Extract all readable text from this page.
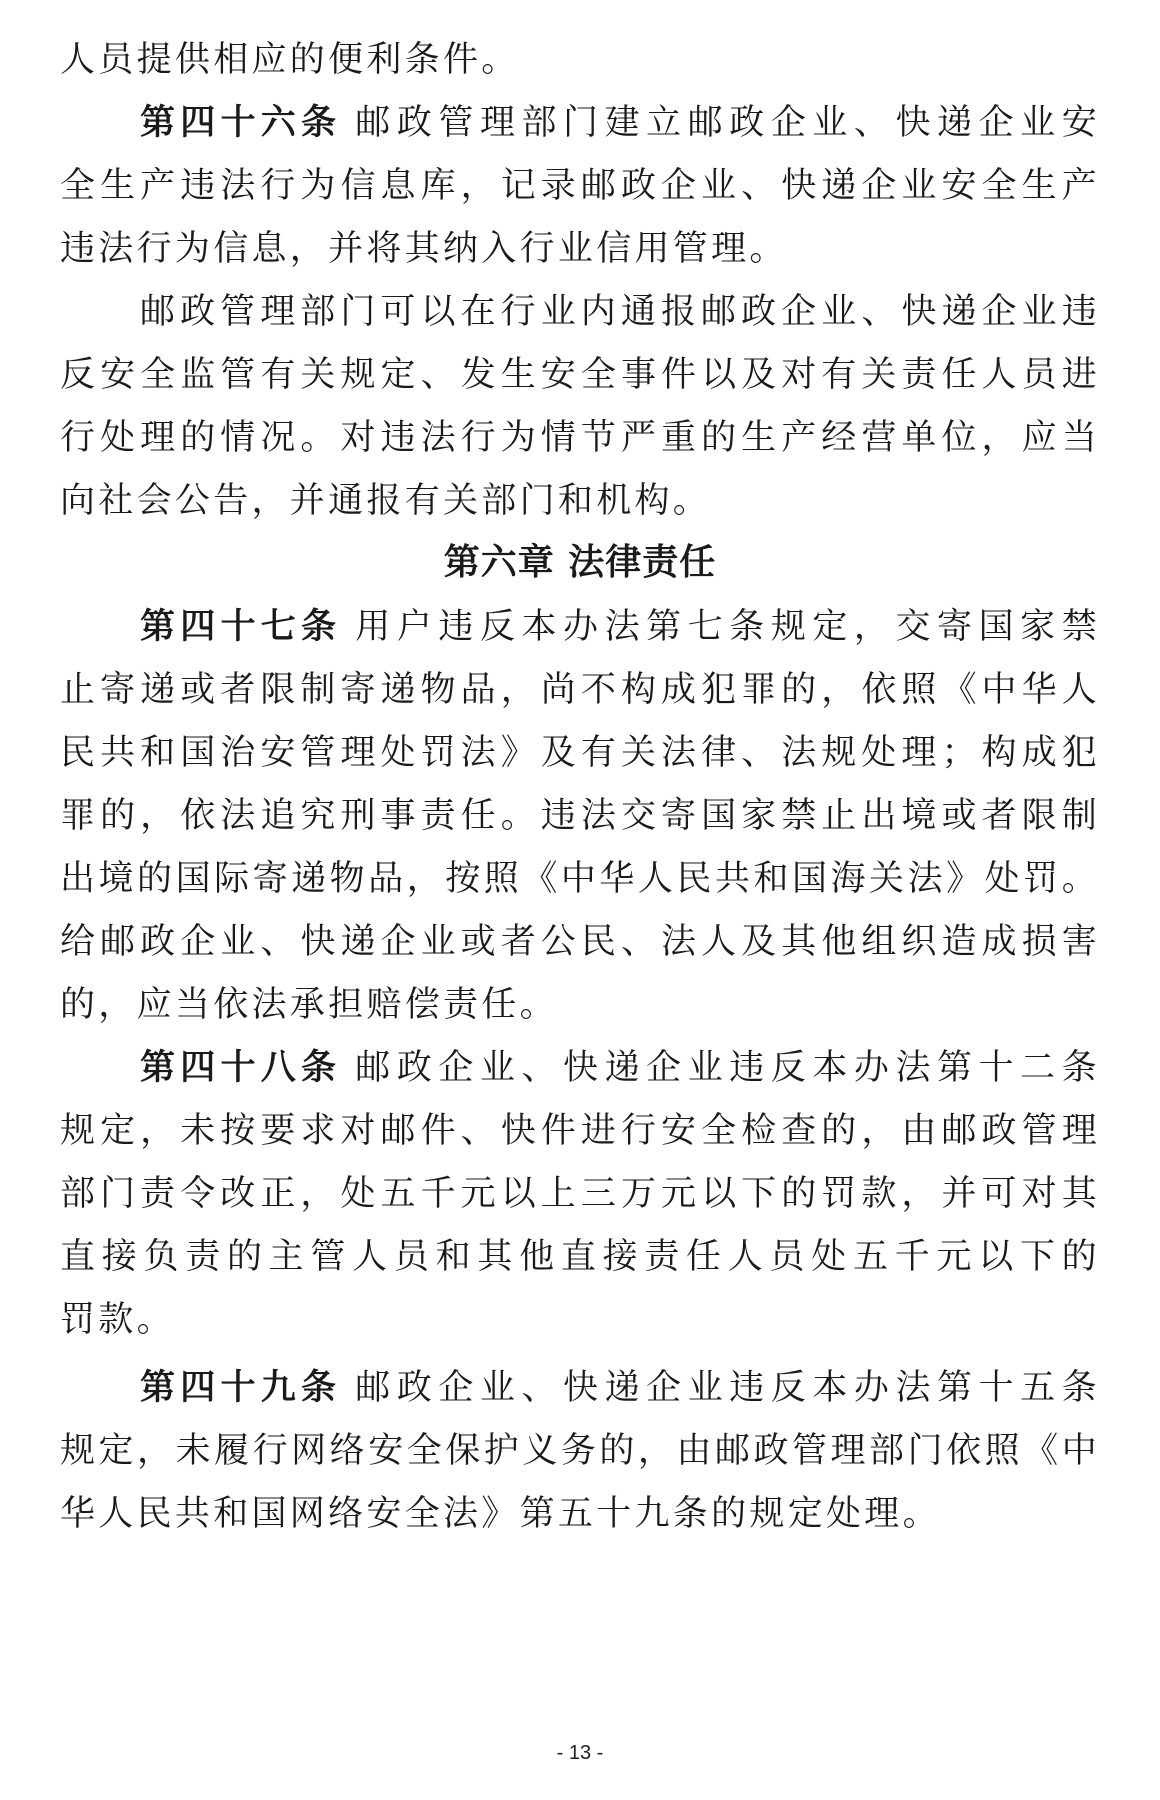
人员提供相应的便利条件。
第四十六条 邮政管理部门建立邮政企业、快递企业安
全生产违法行为信息库，记录邮政企业、快递企业安全生产
违法行为信息，并将其纳入行业信用管理。
邮政管理部门可以在行业内通报邮政企业、快递企业违
反安全监管有关规定、发生安全事件以及对有关责任人员进
行处理的情况。对违法行为情节严重的生产经营单位，应当
向社会公告，并通报有关部门和机构。
第六章 法律责任
第四十七条 用户违反本办法第七条规定，交寄国家禁
止寄递或者限制寄递物品，尚不构成犯罪的，依照《中华人
民共和国治安管理处罚法》及有关法律、法规处理；构成犯
罪的，依法追究刑事责任。违法交寄国家禁止出境或者限制
出境的国际寄递物品，按照《中华人民共和国海关法》处罚。
给邮政企业、快递企业或者公民、法人及其他组织造成损害
的，应当依法承担赔偿责任。
第四十八条 邮政企业、快递企业违反本办法第十二条
规定，未按要求对邮件、快件进行安全检查的，由邮政管理
部门责令改正，处五千元以上三万元以下的罚款，并可对其
直接负责的主管人员和其他直接责任人员处五千元以下的
罚款。
第四十九条 邮政企业、快递企业违反本办法第十五条
规定，未履行网络安全保护义务的，由邮政管理部门依照《中
华人民共和国网络安全法》第五十九条的规定处理。
- 13 -
